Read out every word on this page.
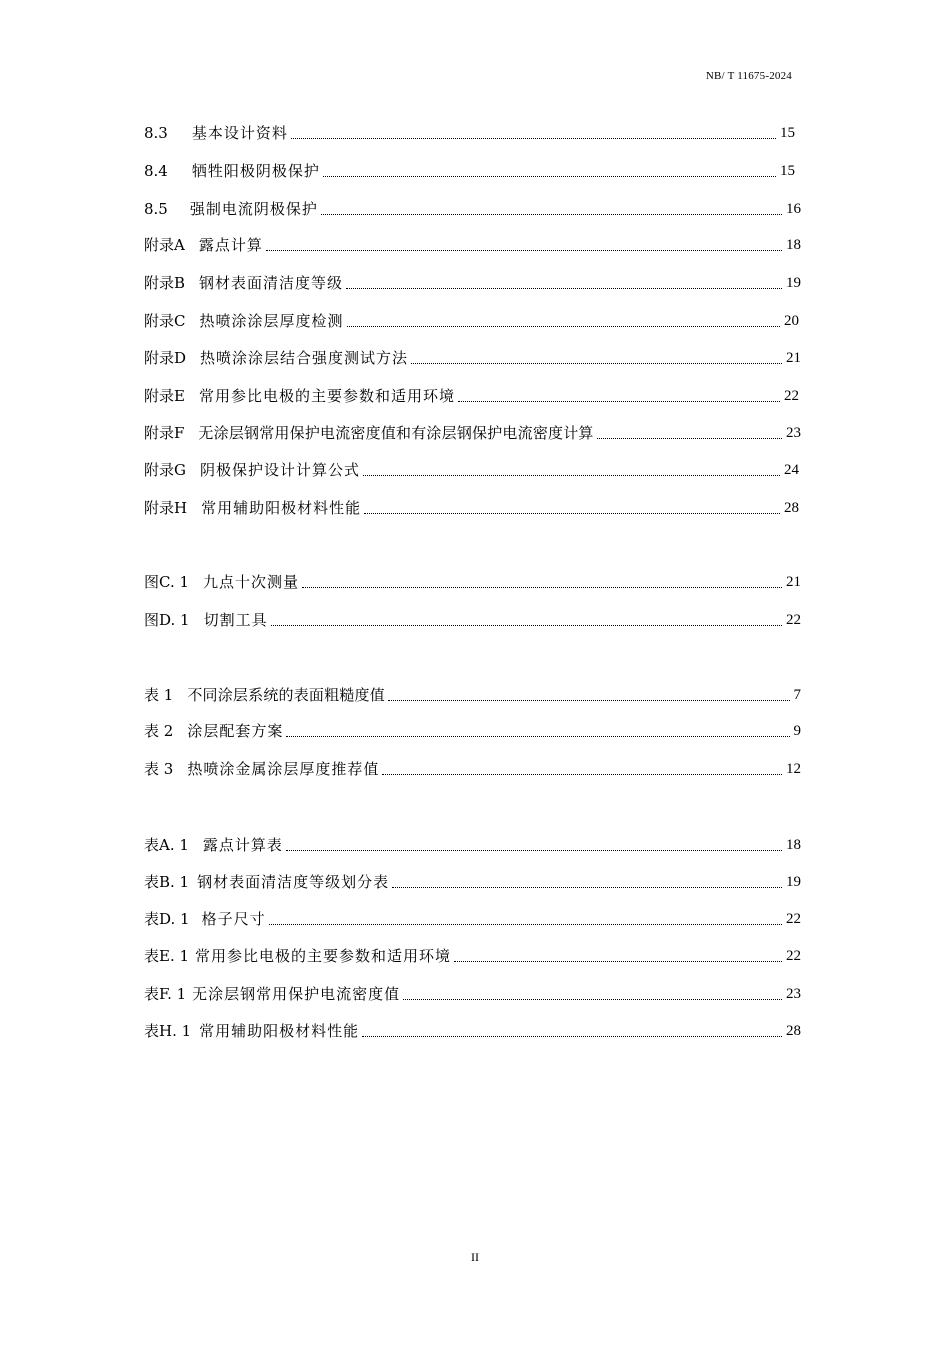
NB/ T 11675-2024
8.3 基本设计资料	15
8.4 牺牲阳极阴极保护	15
8.5 强制电流阴极保护	16
附录A 露点计算	18
附录B 钢材表面清洁度等级	19
附录C 热喷涂涂层厚度检测	20
附录D 热喷涂涂层结合强度测试方法	21
附录E 常用参比电极的主要参数和适用环境	22
附录F 无涂层钢常用保护电流密度值和有涂层钢保护电流密度计算	23
附录G 阴极保护设计计算公式	24
附录H 常用辅助阳极材料性能	28
图C. 1 九点十次测量	21
图D. 1 切割工具	22
表 1 不同涂层系统的表面粗糙度值	7
表 2 涂层配套方案	9
表 3 热喷涂金属涂层厚度推荐值	12
表A. 1 露点计算表	18
表B. 1 钢材表面清洁度等级划分表	19
表D. 1 格子尺寸	22
表E. 1 常用参比电极的主要参数和适用环境	22
表F. 1 无涂层钢常用保护电流密度值	23
表H. 1 常用辅助阳极材料性能	28
II
